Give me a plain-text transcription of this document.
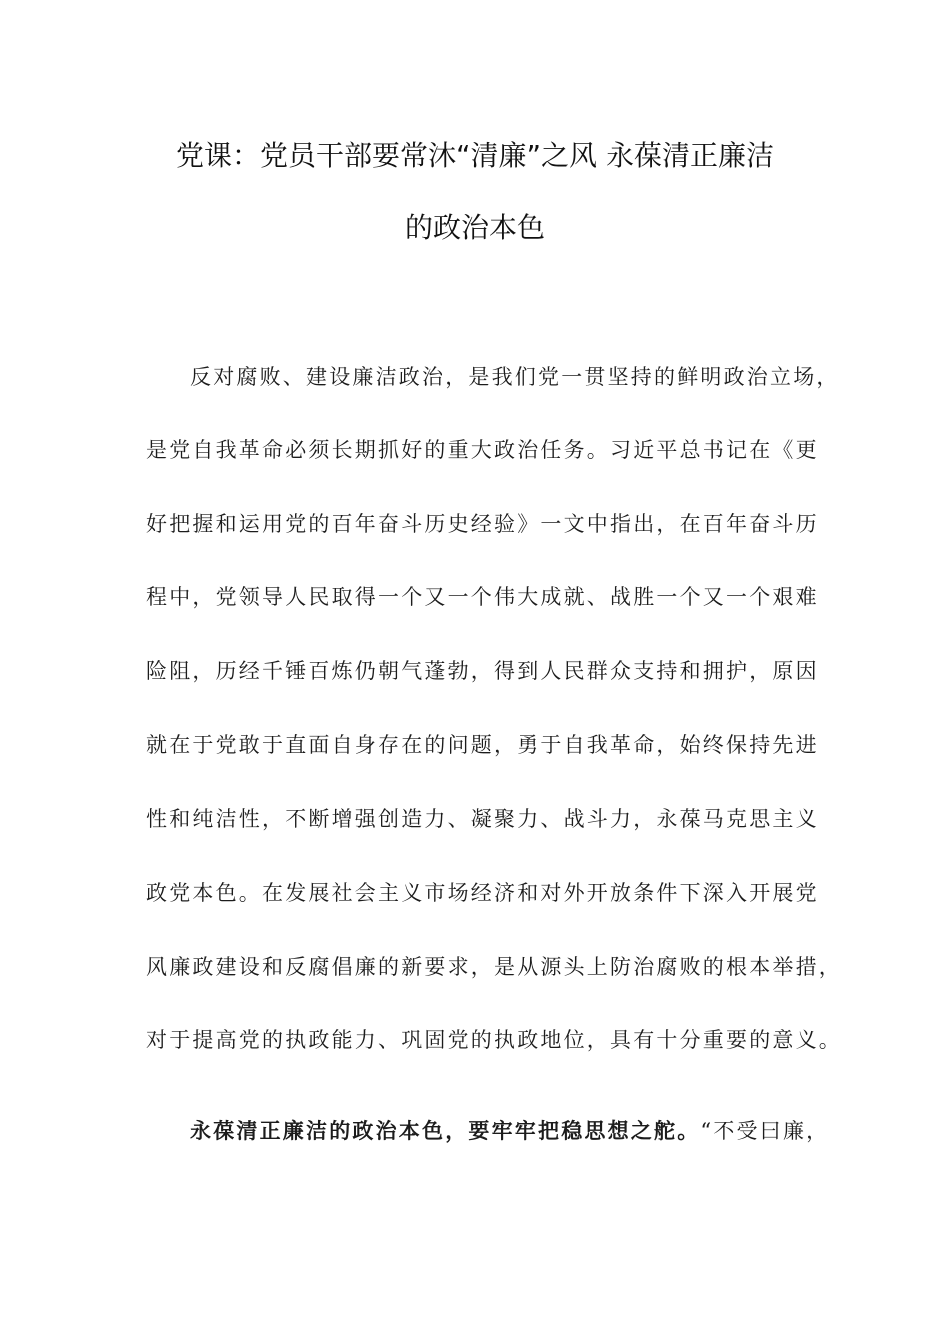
党课：党员干部要常沐“清廉”之风 永葆清正廉洁
的政治本色
反对腐败、建设廉洁政治，是我们党一贯坚持的鲜明政治立场，
是党自我革命必须长期抓好的重大政治任务。习近平总书记在《更
好把握和运用党的百年奋斗历史经验》一文中指出，在百年奋斗历
程中，党领导人民取得一个又一个伟大成就、战胜一个又一个艰难
险阻，历经千锤百炼仍朝气蓬勃，得到人民群众支持和拥护，原因
就在于党敢于直面自身存在的问题，勇于自我革命，始终保持先进
性和纯洁性，不断增强创造力、凝聚力、战斗力，永葆马克思主义
政党本色。在发展社会主义市场经济和对外开放条件下深入开展党
风廉政建设和反腐倡廉的新要求，是从源头上防治腐败的根本举措，
对于提高党的执政能力、巩固党的执政地位，具有十分重要的意义。
永葆清正廉洁的政治本色，要牢牢把稳思想之舵。“不受曰廉，
